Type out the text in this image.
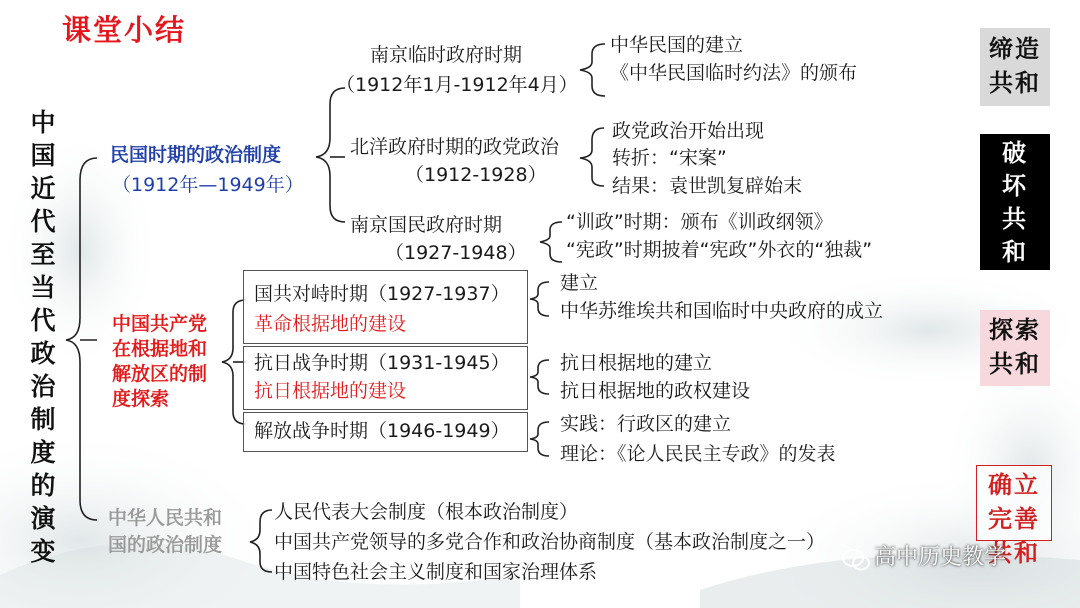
课堂小结
中国近代至当代政治制度的演变
民国时期的政治制度
（1912年—1949年）
南京临时政府时期
（1912年1月-1912年4月）
中华民国的建立
《中华民国临时约法》的颁布
北洋政府时期的政党政治
（1912-1928）
政党政治开始出现
转折：“宋案”
结果：袁世凯复辟始末
南京国民政府时期
（1927-1948）
“训政”时期：颁布《训政纲领》
“宪政”时期披着“宪政”外衣的“独裁”
中国共产党
在根据地和
解放区的制
度探索
国共对峙时期（1927-1937）
革命根据地的建设
建立
中华苏维埃共和国临时中央政府的成立
抗日战争时期（1931-1945）
抗日根据地的建设
抗日根据地的建立
抗日根据地的政权建设
解放战争时期（1946-1949）	实践：行政区的建立
理论：《论人民民主专政》的发表
中华人民共和
国的政治制度
人民代表大会制度（根本政治制度）
中国共产党领导的多党合作和政治协商制度（基本政治制度之一）
中国特色社会主义制度和国家治理体系
缔造
共和
破
坏
共
和
探索
共和
确立
完善
共和
高中历史教学
